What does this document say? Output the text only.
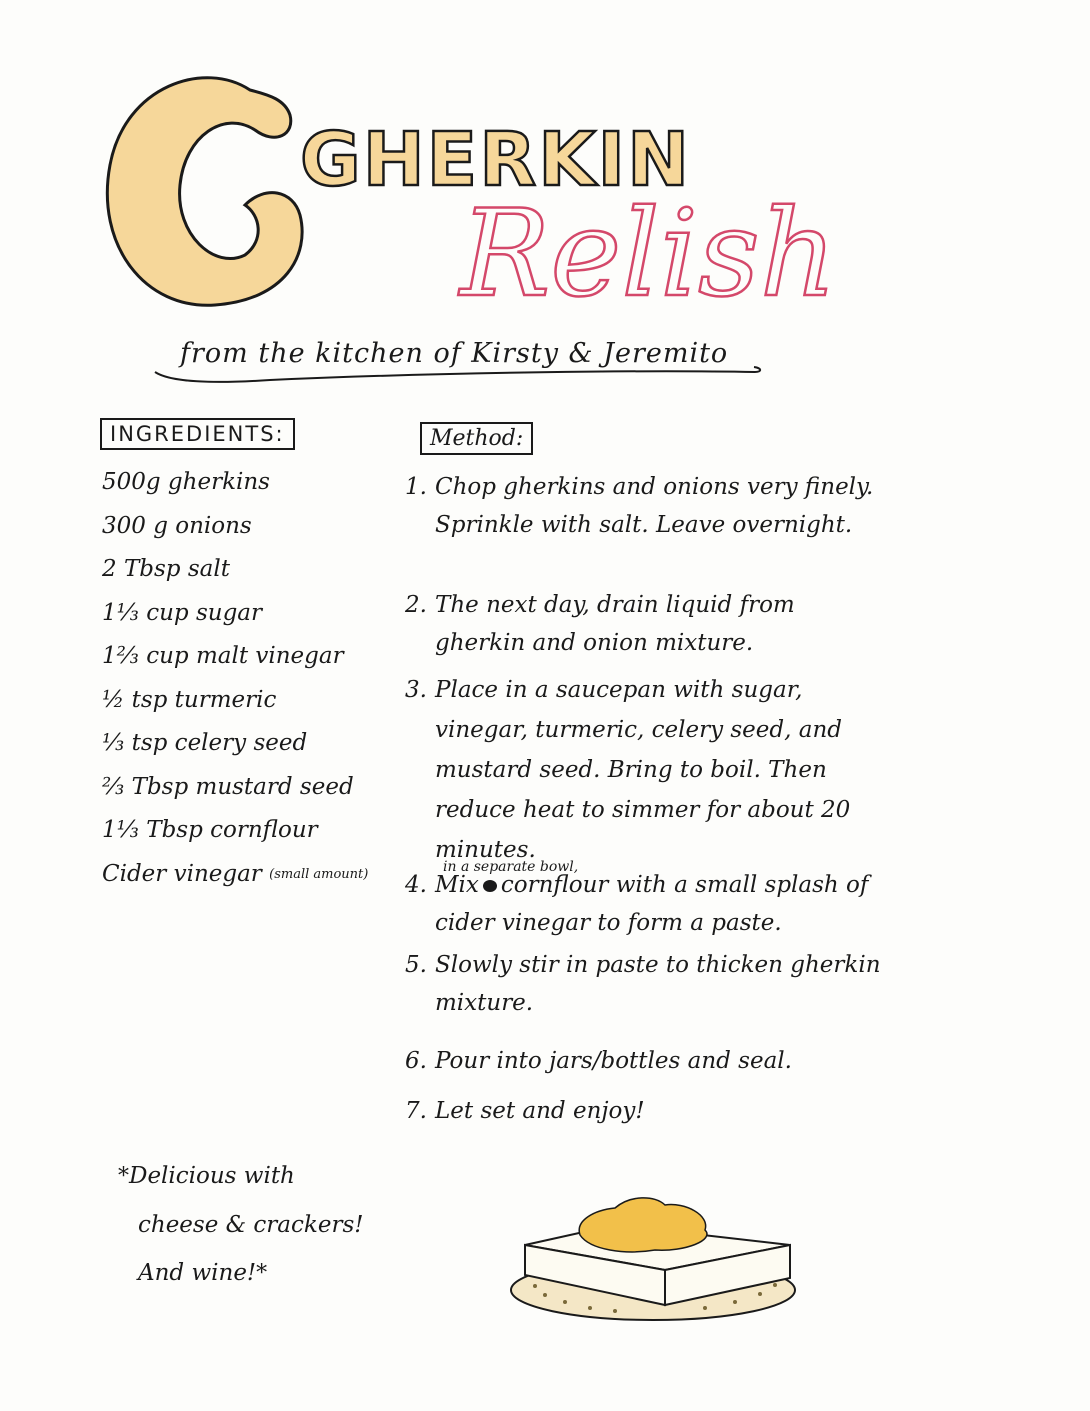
GHERKIN
Relish
from the kitchen of Kirsty & Jeremito
INGREDIENTS:
500g gherkins
300 g onions
2 Tbsp salt
1⅓ cup sugar
1⅔ cup malt vinegar
½ tsp turmeric
⅓ tsp celery seed
⅔ Tbsp mustard seed
1⅓ Tbsp cornflour
Cider vinegar (small amount)
Method:
1. Chop gherkins and onions very finely. Sprinkle with salt. Leave overnight.
2. The next day, drain liquid from gherkin and onion mixture.
3. Place in a saucepan with sugar, vinegar, turmeric, celery seed, and mustard seed. Bring to boil. Then reduce heat to simmer for about 20 minutes.
in a separate bowl,
4. Mix cornflour with a small splash of cider vinegar to form a paste.
5. Slowly stir in paste to thicken gherkin mixture.
6. Pour into jars/bottles and seal.
7. Let set and enjoy!
*Delicious with
cheese & crackers!
And wine!*
